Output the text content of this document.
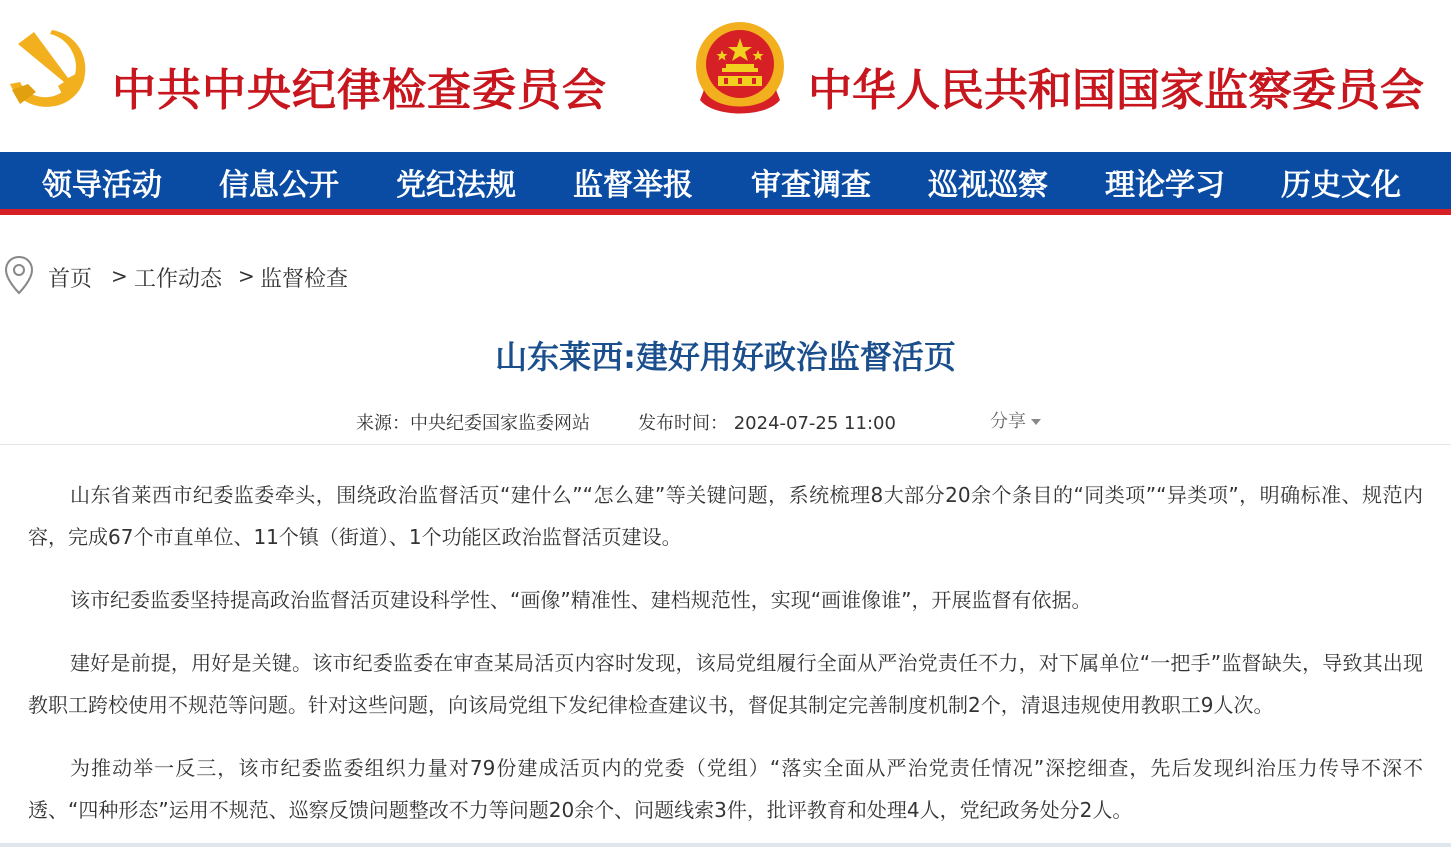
中共中央纪律检查委员会	中华人民共和国国家监察委员会
领导活动 信息公开 党纪法规 监督举报 审查调查 巡视巡察 理论学习 历史文化
首页 > 工作动态 > 监督检查
山东莱西:建好用好政治监督活页
来源：中央纪委国家监委网站	发布时间： 2024-07-25 11:00	分享

山东省莱西市纪委监委牵头，围绕政治监督活页“建什么”“怎么建”等关键问题，系统梳理8大部分20余个条目的“同类项”“异类项”，明确标准、规范内容，完成67个市直单位、11个镇（街道）、1个功能区政治监督活页建设。

该市纪委监委坚持提高政治监督活页建设科学性、“画像”精准性、建档规范性，实现“画谁像谁”，开展监督有依据。

建好是前提，用好是关键。该市纪委监委在审查某局活页内容时发现，该局党组履行全面从严治党责任不力，对下属单位“一把手”监督缺失，导致其出现教职工跨校使用不规范等问题。针对这些问题，向该局党组下发纪律检查建议书，督促其制定完善制度机制2个，清退违规使用教职工9人次。

为推动举一反三，该市纪委监委组织力量对79份建成活页内的党委（党组）“落实全面从严治党责任情况”深挖细查，先后发现纠治压力传导不深不透、“四种形态”运用不规范、巡察反馈问题整改不力等问题20余个、问题线索3件，批评教育和处理4人，党纪政务处分2人。
